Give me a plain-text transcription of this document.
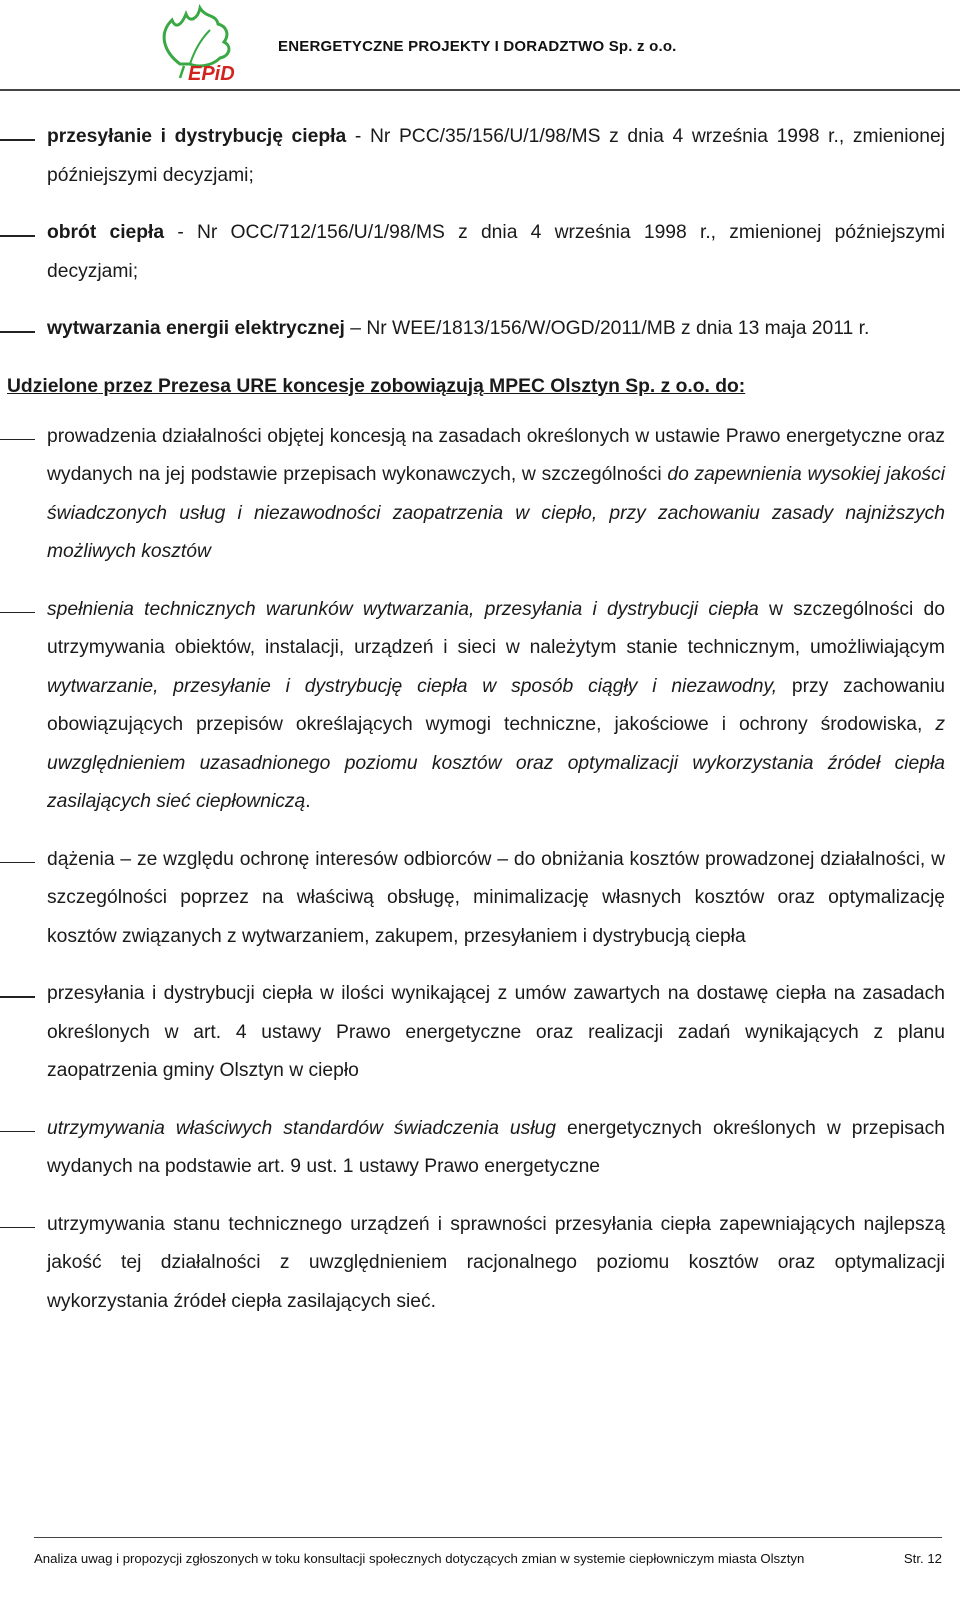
EPiD
ENERGETYCZNE PROJEKTY I DORADZTWO Sp. z o.o.

przesyłanie i dystrybucję ciepła - Nr PCC/35/156/U/1/98/MS z dnia 4 września 1998 r., zmienionej późniejszymi decyzjami;

obrót ciepła - Nr OCC/712/156/U/1/98/MS z dnia 4 września 1998 r., zmienionej późniejszymi decyzjami;

wytwarzania energii elektrycznej – Nr WEE/1813/156/W/OGD/2011/MB z dnia 13 maja 2011 r.

Udzielone przez Prezesa URE koncesje zobowiązują MPEC Olsztyn Sp. z o.o. do:

prowadzenia działalności objętej koncesją na zasadach określonych w ustawie Prawo energetyczne oraz wydanych na jej podstawie przepisach wykonawczych, w szczególności do zapewnienia wysokiej jakości świadczonych usług i niezawodności zaopatrzenia w ciepło, przy zachowaniu zasady najniższych możliwych kosztów

spełnienia technicznych warunków wytwarzania, przesyłania i dystrybucji ciepła w szczególności do utrzymywania obiektów, instalacji, urządzeń i sieci w należytym stanie technicznym, umożliwiającym wytwarzanie, przesyłanie i dystrybucję ciepła w sposób ciągły i niezawodny, przy zachowaniu obowiązujących przepisów określających wymogi techniczne, jakościowe i ochrony środowiska, z uwzględnieniem uzasadnionego poziomu kosztów oraz optymalizacji wykorzystania źródeł ciepła zasilających sieć ciepłowniczą.

dążenia – ze względu ochronę interesów odbiorców – do obniżania kosztów prowadzonej działalności, w szczególności poprzez na właściwą obsługę, minimalizację własnych kosztów oraz optymalizację kosztów związanych z wytwarzaniem, zakupem, przesyłaniem i dystrybucją ciepła

przesyłania i dystrybucji ciepła w ilości wynikającej z umów zawartych na dostawę ciepła na zasadach określonych w art. 4 ustawy Prawo energetyczne oraz realizacji zadań wynikających z planu zaopatrzenia gminy Olsztyn w ciepło

utrzymywania właściwych standardów świadczenia usług energetycznych określonych w przepisach wydanych na podstawie art. 9 ust. 1 ustawy Prawo energetyczne

utrzymywania stanu technicznego urządzeń i sprawności przesyłania ciepła zapewniających najlepszą jakość tej działalności z uwzględnieniem racjonalnego poziomu kosztów oraz optymalizacji wykorzystania źródeł ciepła zasilających sieć.

Analiza uwag i propozycji zgłoszonych w toku konsultacji społecznych dotyczących zmian w systemie ciepłowniczym miasta Olsztyn	Str. 12
